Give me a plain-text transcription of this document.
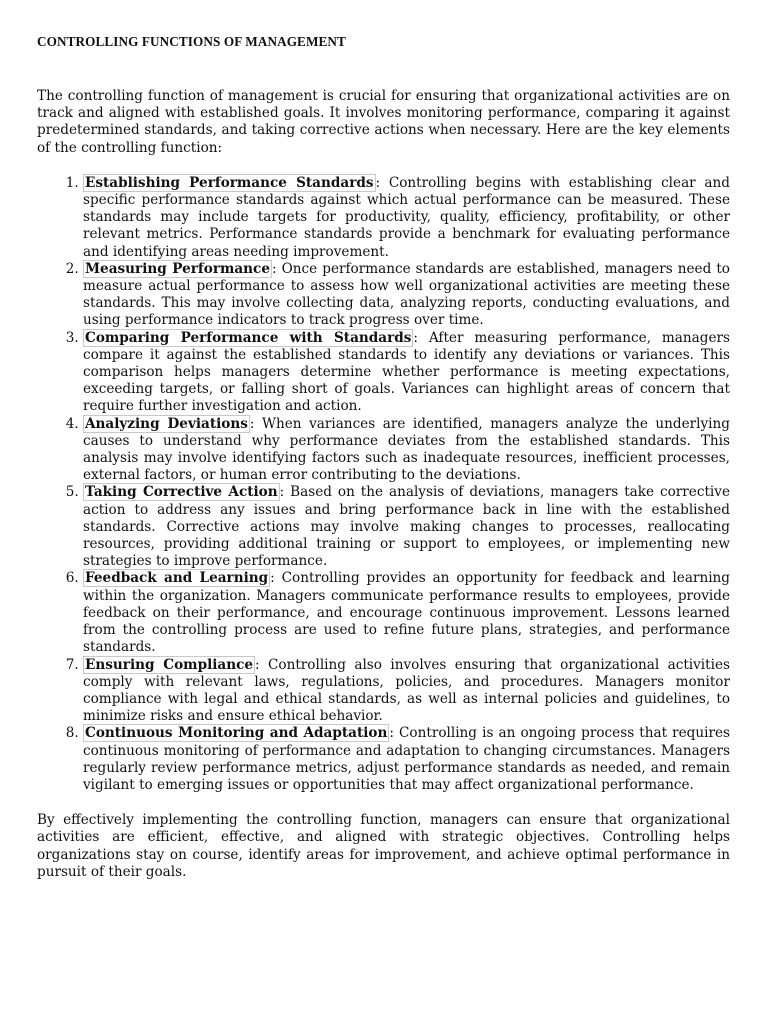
CONTROLLING FUNCTIONS OF MANAGEMENT

The controlling function of management is crucial for ensuring that organizational activities are on track and aligned with established goals. It involves monitoring performance, comparing it against predetermined standards, and taking corrective actions when necessary. Here are the key elements of the controlling function:

1. Establishing Performance Standards : Controlling begins with establishing clear and specific performance standards against which actual performance can be measured. These standards may include targets for productivity, quality, efficiency, profitability, or other relevant metrics. Performance standards provide a benchmark for evaluating performance and identifying areas needing improvement.
2. Measuring Performance : Once performance standards are established, managers need to measure actual performance to assess how well organizational activities are meeting these standards. This may involve collecting data, analyzing reports, conducting evaluations, and using performance indicators to track progress over time.
3. Comparing Performance with Standards : After measuring performance, managers compare it against the established standards to identify any deviations or variances. This comparison helps managers determine whether performance is meeting expectations, exceeding targets, or falling short of goals. Variances can highlight areas of concern that require further investigation and action.
4. Analyzing Deviations : When variances are identified, managers analyze the underlying causes to understand why performance deviates from the established standards. This analysis may involve identifying factors such as inadequate resources, inefficient processes, external factors, or human error contributing to the deviations.
5. Taking Corrective Action : Based on the analysis of deviations, managers take corrective action to address any issues and bring performance back in line with the established standards. Corrective actions may involve making changes to processes, reallocating resources, providing additional training or support to employees, or implementing new strategies to improve performance.
6. Feedback and Learning : Controlling provides an opportunity for feedback and learning within the organization. Managers communicate performance results to employees, provide feedback on their performance, and encourage continuous improvement. Lessons learned from the controlling process are used to refine future plans, strategies, and performance standards.
7. Ensuring Compliance : Controlling also involves ensuring that organizational activities comply with relevant laws, regulations, policies, and procedures. Managers monitor compliance with legal and ethical standards, as well as internal policies and guidelines, to minimize risks and ensure ethical behavior.
8. Continuous Monitoring and Adaptation : Controlling is an ongoing process that requires continuous monitoring of performance and adaptation to changing circumstances. Managers regularly review performance metrics, adjust performance standards as needed, and remain vigilant to emerging issues or opportunities that may affect organizational performance.

By effectively implementing the controlling function, managers can ensure that organizational activities are efficient, effective, and aligned with strategic objectives. Controlling helps organizations stay on course, identify areas for improvement, and achieve optimal performance in pursuit of their goals.
